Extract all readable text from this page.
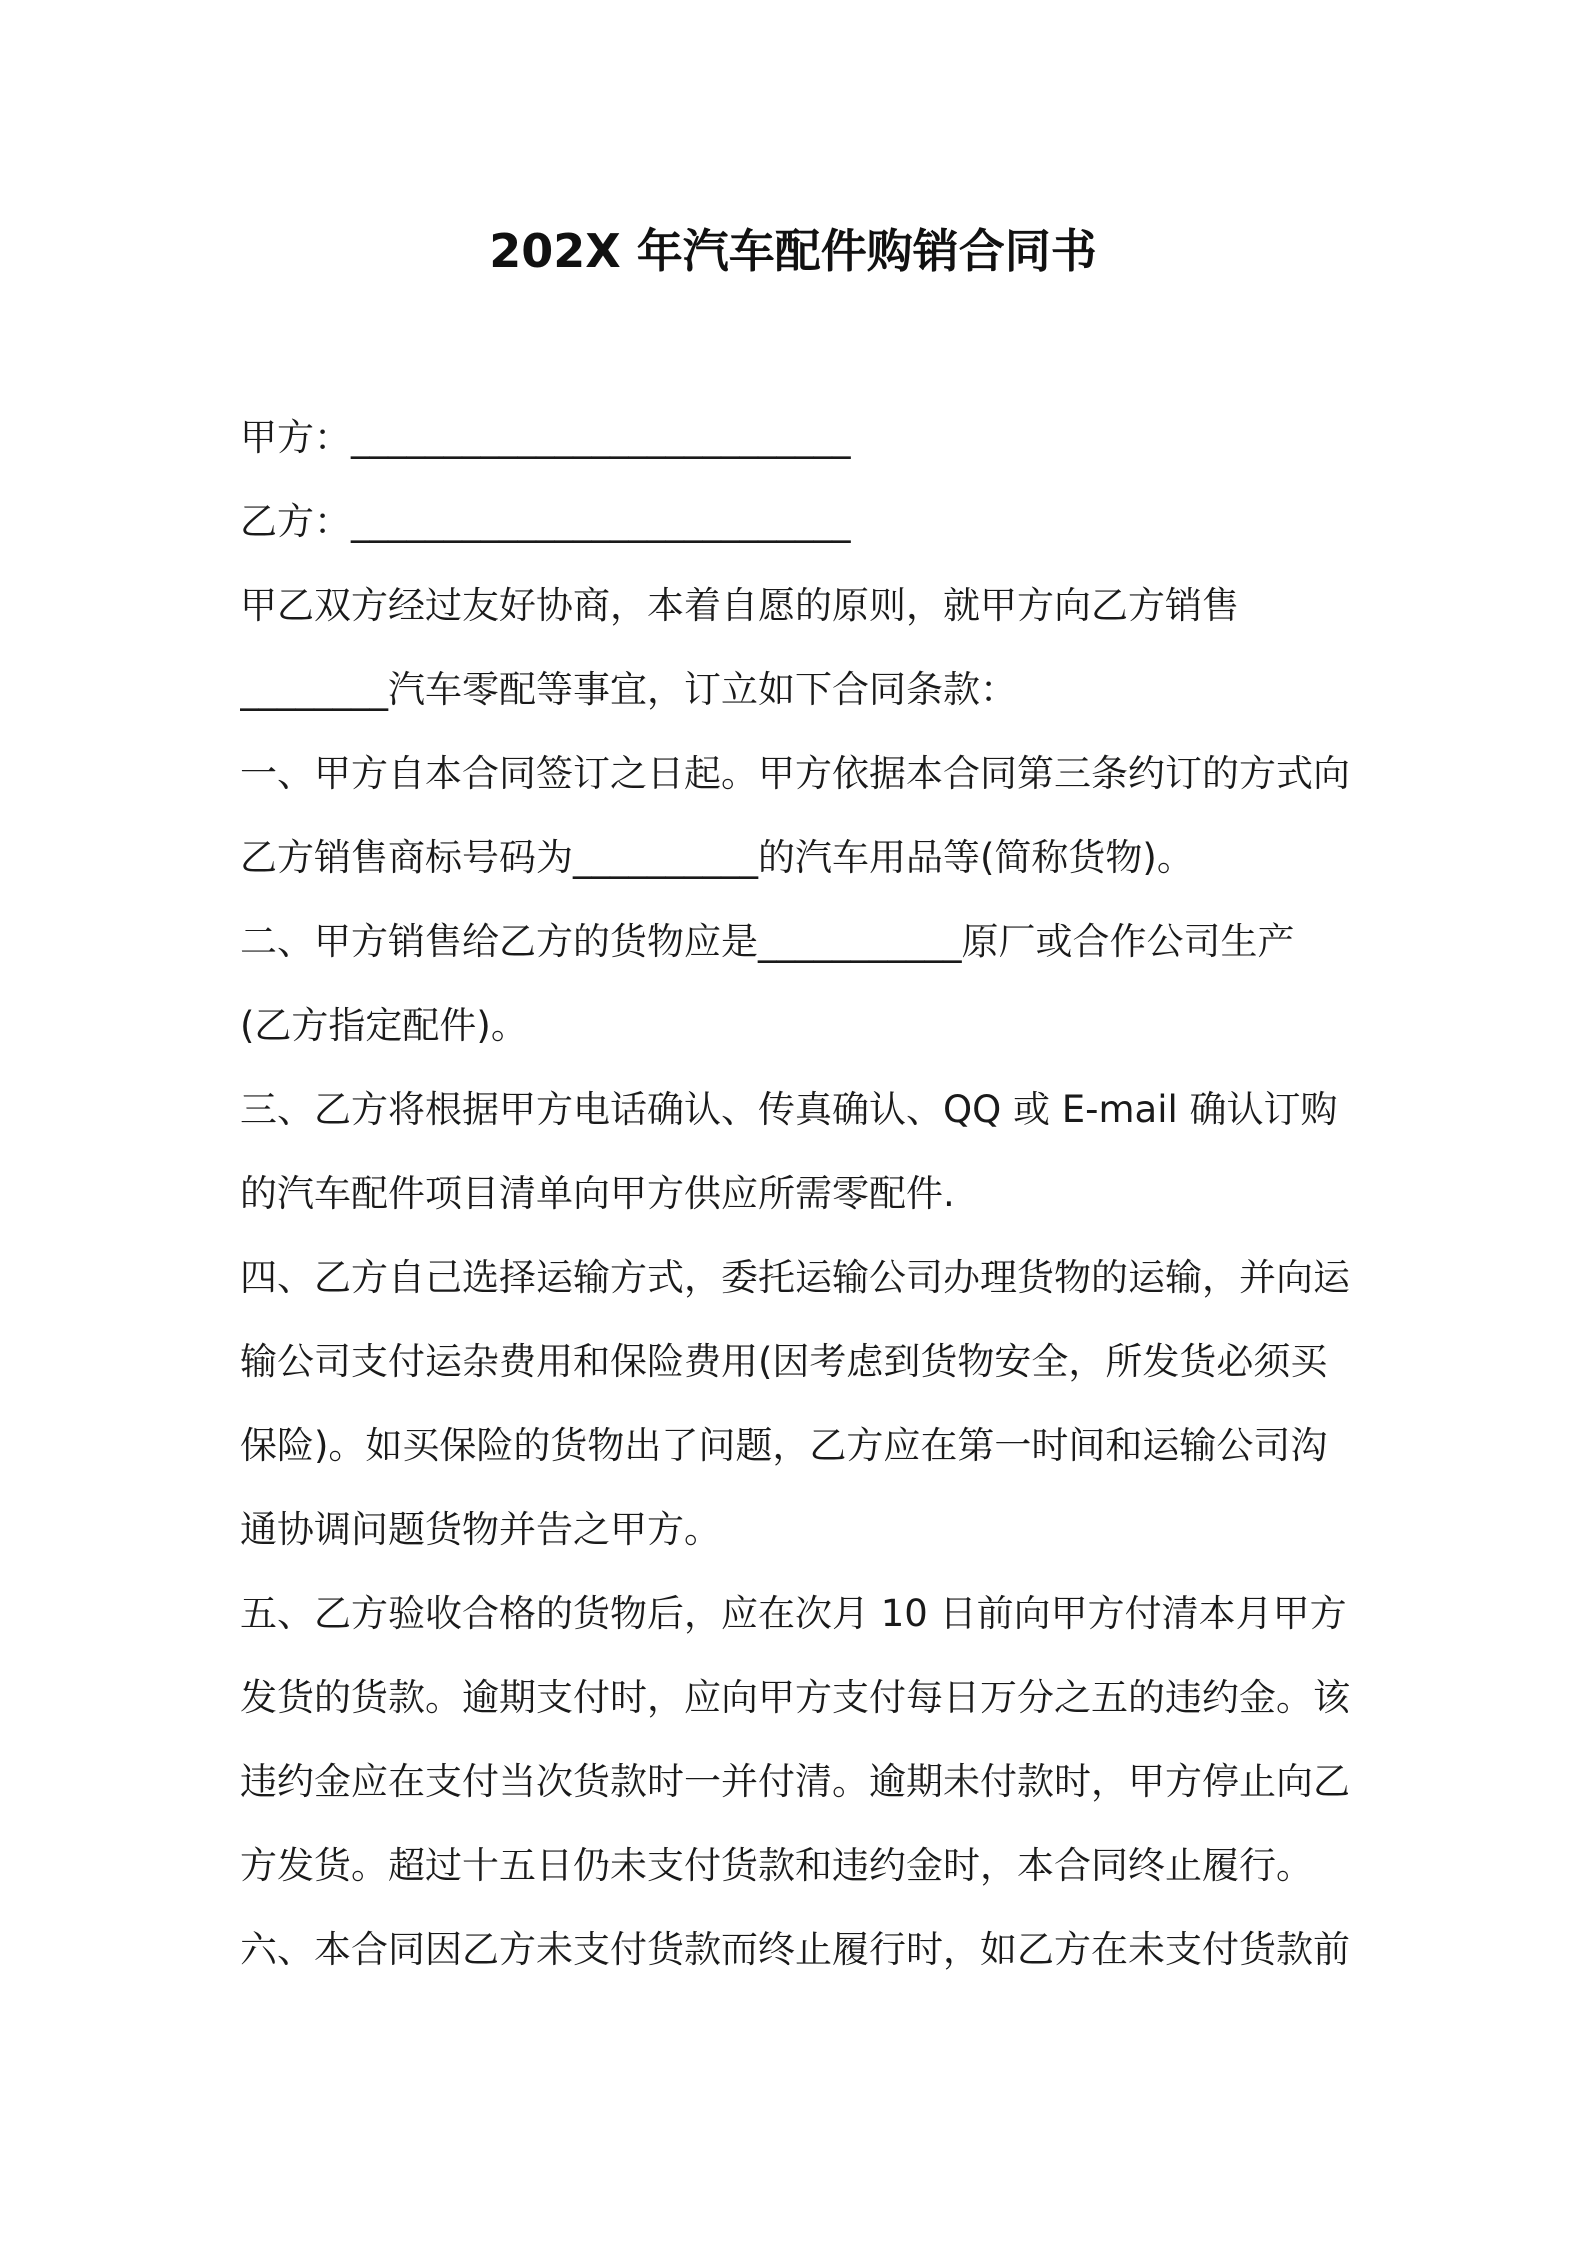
202X 年汽车配件购销合同书
甲方：___________________________
乙方：___________________________
甲乙双方经过友好协商，本着自愿的原则，就甲方向乙方销售
________汽车零配等事宜，订立如下合同条款：
一、甲方自本合同签订之日起。甲方依据本合同第三条约订的方式向
乙方销售商标号码为__________的汽车用品等(简称货物)。
二、甲方销售给乙方的货物应是___________原厂或合作公司生产
(乙方指定配件)。
三、乙方将根据甲方电话确认、传真确认、QQ 或 E-mail 确认订购
的汽车配件项目清单向甲方供应所需零配件.
四、乙方自己选择运输方式，委托运输公司办理货物的运输，并向运
输公司支付运杂费用和保险费用(因考虑到货物安全，所发货必须买
保险)。如买保险的货物出了问题，乙方应在第一时间和运输公司沟
通协调问题货物并告之甲方。
五、乙方验收合格的货物后，应在次月 10 日前向甲方付清本月甲方
发货的货款。逾期支付时，应向甲方支付每日万分之五的违约金。该
违约金应在支付当次货款时一并付清。逾期未付款时，甲方停止向乙
方发货。超过十五日仍未支付货款和违约金时，本合同终止履行。
六、本合同因乙方未支付货款而终止履行时，如乙方在未支付货款前
